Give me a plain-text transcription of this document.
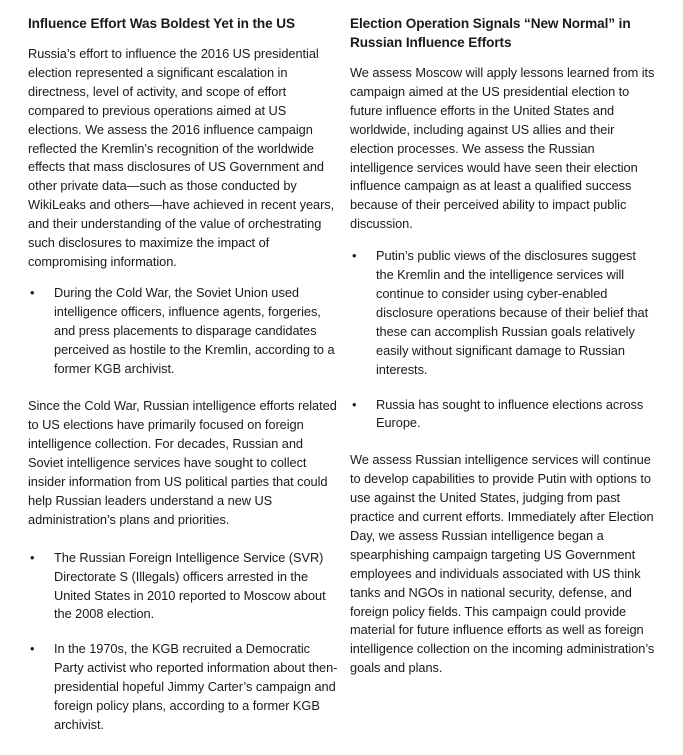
Influence Effort Was Boldest Yet in the US

Russia’s effort to influence the 2016 US presidential election represented a significant escalation in directness, level of activity, and scope of effort compared to previous operations aimed at US elections. We assess the 2016 influence campaign reflected the Kremlin’s recognition of the worldwide effects that mass disclosures of US Government and other private data—such as those conducted by WikiLeaks and others—have achieved in recent years, and their understanding of the value of orchestrating such disclosures to maximize the impact of compromising information.

•	During the Cold War, the Soviet Union used intelligence officers, influence agents, forgeries, and press placements to disparage candidates perceived as hostile to the Kremlin, according to a former KGB archivist.

Since the Cold War, Russian intelligence efforts related to US elections have primarily focused on foreign intelligence collection. For decades, Russian and Soviet intelligence services have sought to collect insider information from US political parties that could help Russian leaders understand a new US administration’s plans and priorities.

•	The Russian Foreign Intelligence Service (SVR) Directorate S (Illegals) officers arrested in the United States in 2010 reported to Moscow about the 2008 election.
•	In the 1970s, the KGB recruited a Democratic Party activist who reported information about then-presidential hopeful Jimmy Carter’s campaign and foreign policy plans, according to a former KGB archivist.

Election Operation Signals “New Normal” in Russian Influence Efforts

We assess Moscow will apply lessons learned from its campaign aimed at the US presidential election to future influence efforts in the United States and worldwide, including against US allies and their election processes. We assess the Russian intelligence services would have seen their election influence campaign as at least a qualified success because of their perceived ability to impact public discussion.

•	Putin’s public views of the disclosures suggest the Kremlin and the intelligence services will continue to consider using cyber-enabled disclosure operations because of their belief that these can accomplish Russian goals relatively easily without significant damage to Russian interests.
•	Russia has sought to influence elections across Europe.

We assess Russian intelligence services will continue to develop capabilities to provide Putin with options to use against the United States, judging from past practice and current efforts. Immediately after Election Day, we assess Russian intelligence began a spearphishing campaign targeting US Government employees and individuals associated with US think tanks and NGOs in national security, defense, and foreign policy fields. This campaign could provide material for future influence efforts as well as foreign intelligence collection on the incoming administration’s goals and plans.
